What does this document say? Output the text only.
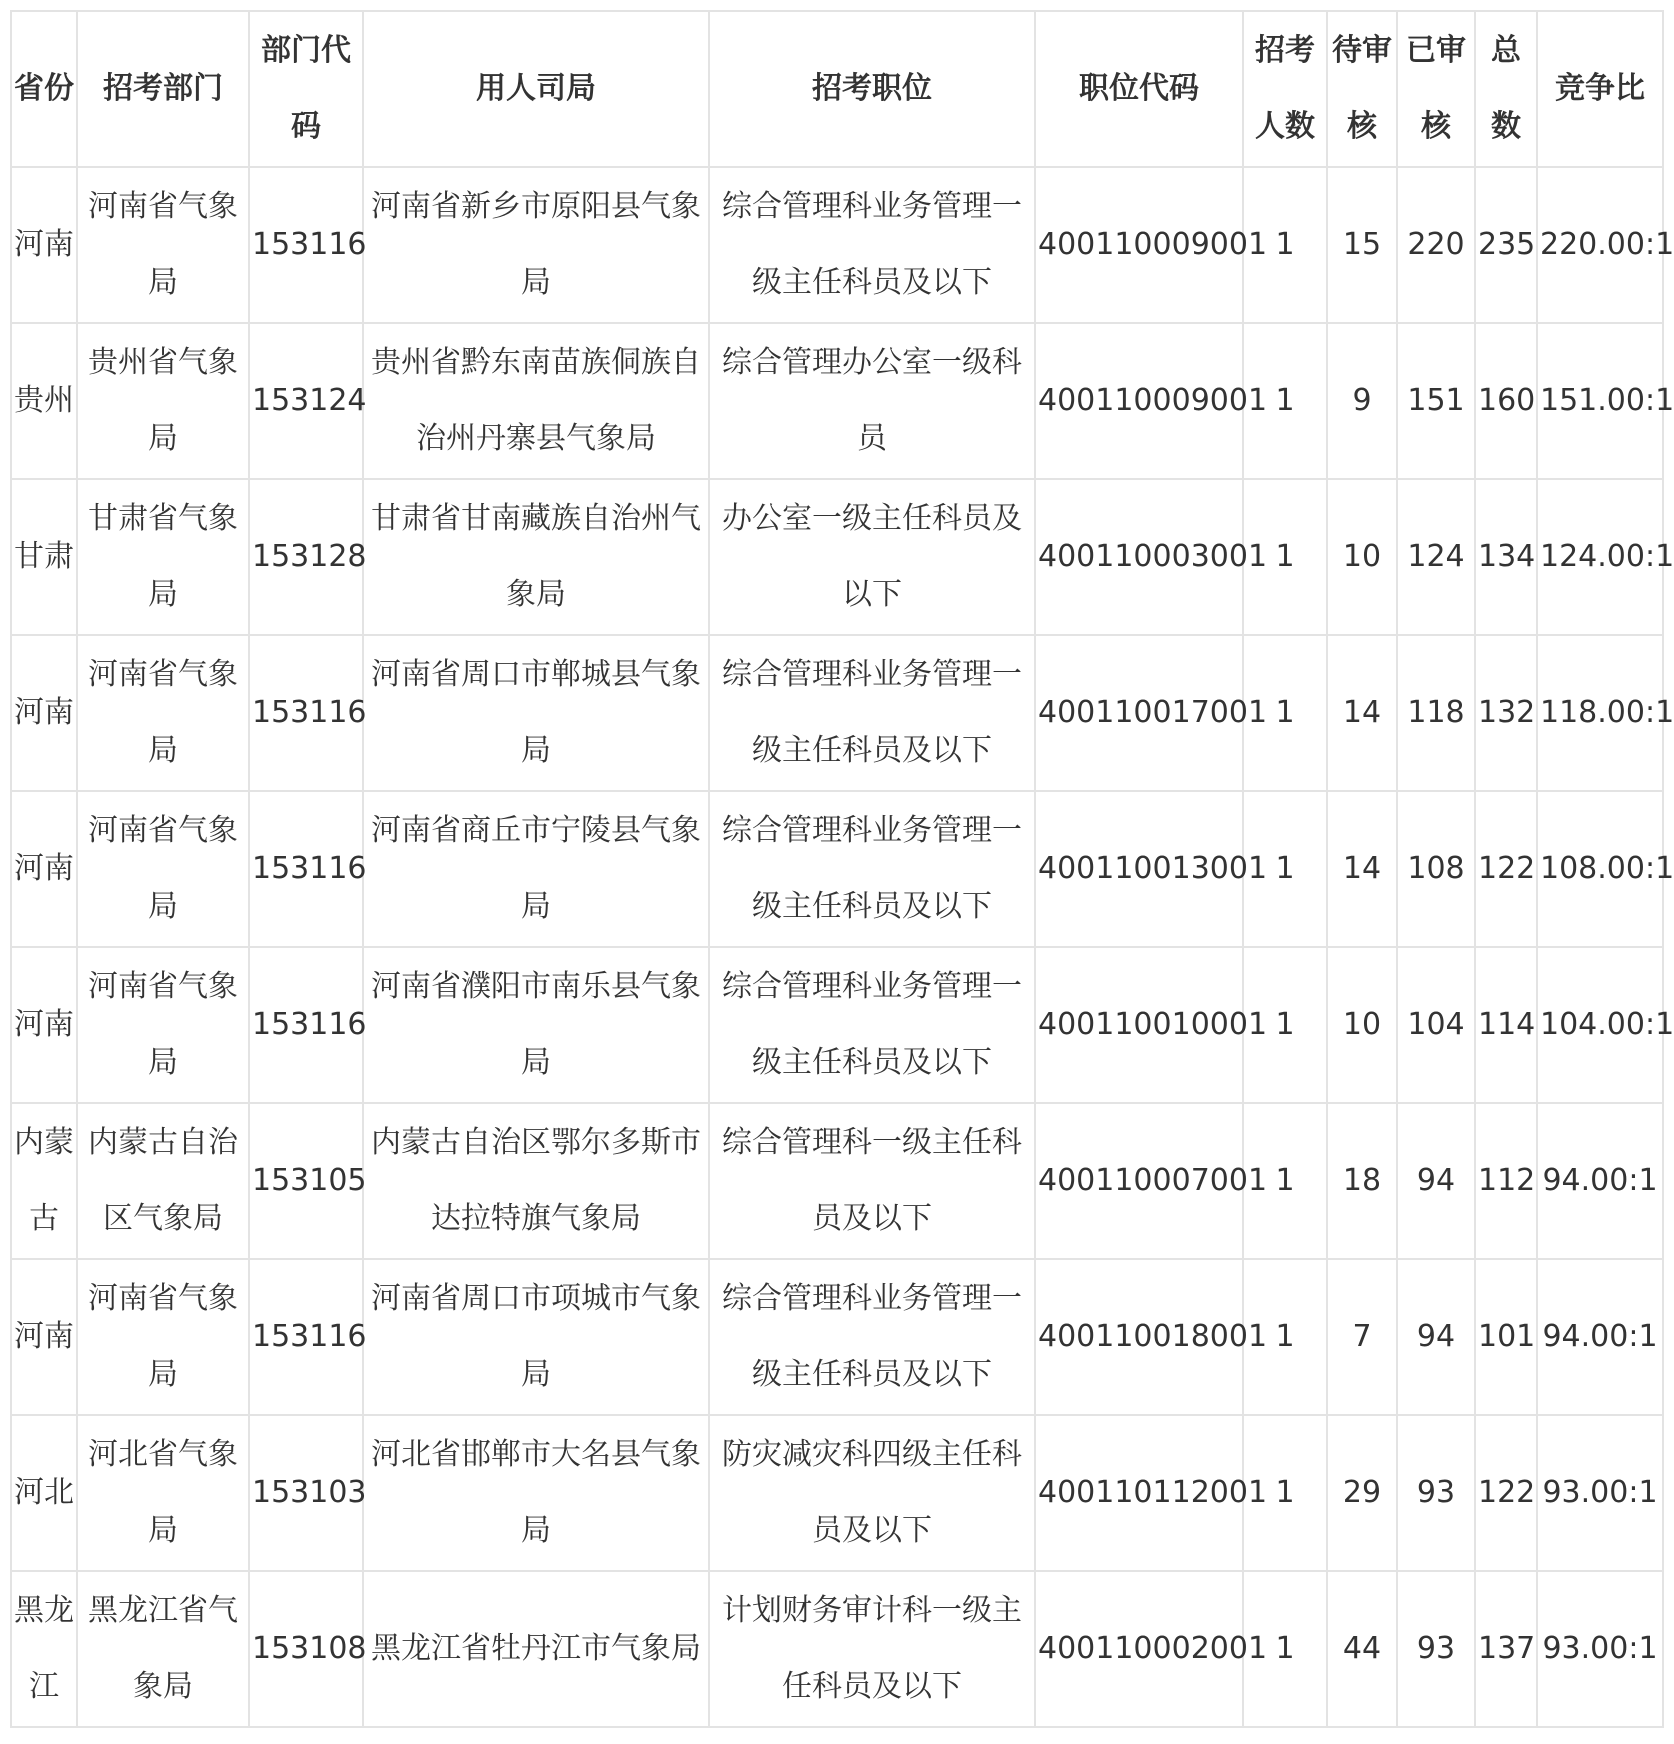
省份	招考部门	部门代码	用人司局	招考职位	职位代码	招考人数	待审核	已审核	总数	竞争比
河南	河南省气象局	153116	河南省新乡市原阳县气象局	综合管理科业务管理一级主任科员及以下	400110009001	1	15	220	235	220.00:1
贵州	贵州省气象局	153124	贵州省黔东南苗族侗族自治州丹寨县气象局	综合管理办公室一级科员	400110009001	1	9	151	160	151.00:1
甘肃	甘肃省气象局	153128	甘肃省甘南藏族自治州气象局	办公室一级主任科员及以下	400110003001	1	10	124	134	124.00:1
河南	河南省气象局	153116	河南省周口市郸城县气象局	综合管理科业务管理一级主任科员及以下	400110017001	1	14	118	132	118.00:1
河南	河南省气象局	153116	河南省商丘市宁陵县气象局	综合管理科业务管理一级主任科员及以下	400110013001	1	14	108	122	108.00:1
河南	河南省气象局	153116	河南省濮阳市南乐县气象局	综合管理科业务管理一级主任科员及以下	400110010001	1	10	104	114	104.00:1
内蒙古	内蒙古自治区气象局	153105	内蒙古自治区鄂尔多斯市达拉特旗气象局	综合管理科一级主任科员及以下	400110007001	1	18	94	112	94.00:1
河南	河南省气象局	153116	河南省周口市项城市气象局	综合管理科业务管理一级主任科员及以下	400110018001	1	7	94	101	94.00:1
河北	河北省气象局	153103	河北省邯郸市大名县气象局	防灾减灾科四级主任科员及以下	400110112001	1	29	93	122	93.00:1
黑龙江	黑龙江省气象局	153108	黑龙江省牡丹江市气象局	计划财务审计科一级主任科员及以下	400110002001	1	44	93	137	93.00:1
